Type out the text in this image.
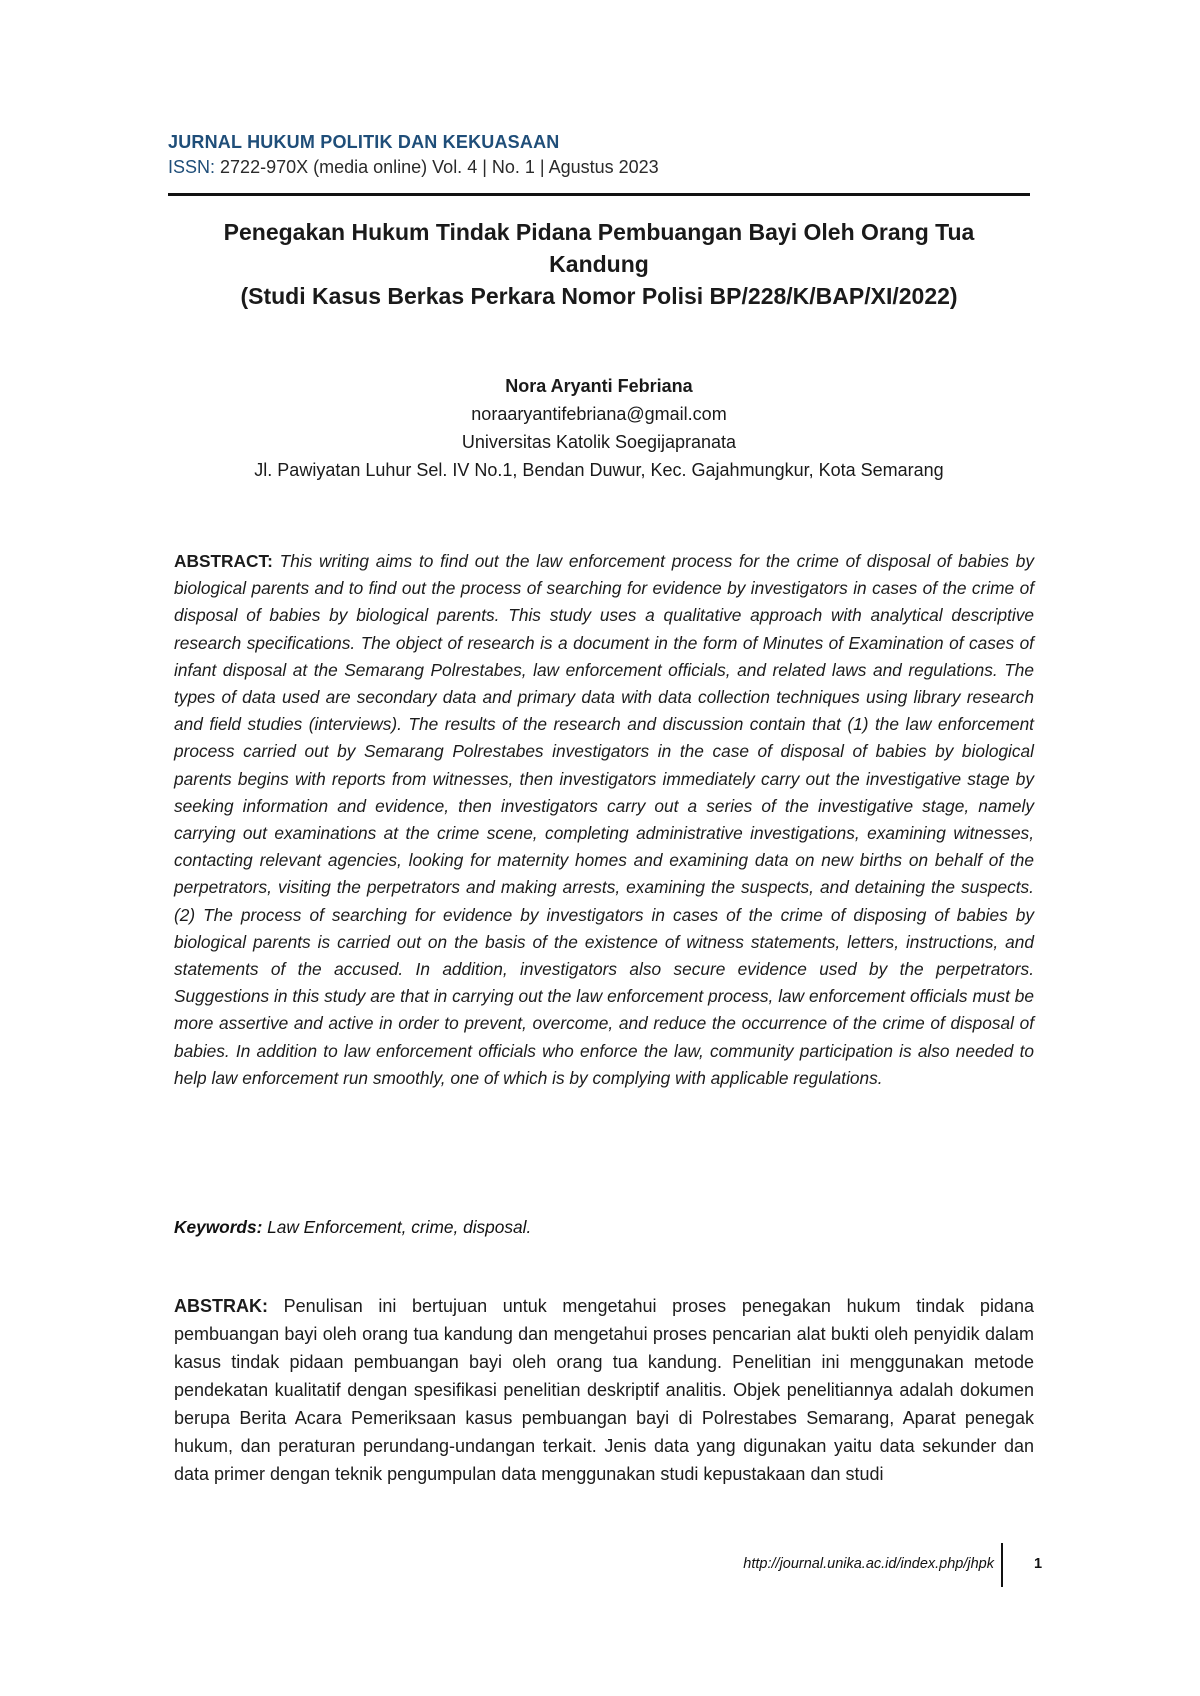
JURNAL HUKUM POLITIK DAN KEKUASAAN
ISSN: 2722-970X (media online) Vol. 4 | No. 1 | Agustus 2023
Penegakan Hukum Tindak Pidana Pembuangan Bayi Oleh Orang Tua
Kandung
(Studi Kasus Berkas Perkara Nomor Polisi BP/228/K/BAP/XI/2022)
Nora Aryanti Febriana
noraaryantifebriana@gmail.com
Universitas Katolik Soegijapranata
Jl. Pawiyatan Luhur Sel. IV No.1, Bendan Duwur, Kec. Gajahmungkur, Kota Semarang
ABSTRACT: This writing aims to find out the law enforcement process for the crime of disposal of babies by biological parents and to find out the process of searching for evidence by investigators in cases of the crime of disposal of babies by biological parents. This study uses a qualitative approach with analytical descriptive research specifications. The object of research is a document in the form of Minutes of Examination of cases of infant disposal at the Semarang Polrestabes, law enforcement officials, and related laws and regulations. The types of data used are secondary data and primary data with data collection techniques using library research and field studies (interviews). The results of the research and discussion contain that (1) the law enforcement process carried out by Semarang Polrestabes investigators in the case of disposal of babies by biological parents begins with reports from witnesses, then investigators immediately carry out the investigative stage by seeking information and evidence, then investigators carry out a series of the investigative stage, namely carrying out examinations at the crime scene, completing administrative investigations, examining witnesses, contacting relevant agencies, looking for maternity homes and examining data on new births on behalf of the perpetrators, visiting the perpetrators and making arrests, examining the suspects, and detaining the suspects. (2) The process of searching for evidence by investigators in cases of the crime of disposing of babies by biological parents is carried out on the basis of the existence of witness statements, letters, instructions, and statements of the accused. In addition, investigators also secure evidence used by the perpetrators. Suggestions in this study are that in carrying out the law enforcement process, law enforcement officials must be more assertive and active in order to prevent, overcome, and reduce the occurrence of the crime of disposal of babies. In addition to law enforcement officials who enforce the law, community participation is also needed to help law enforcement run smoothly, one of which is by complying with applicable regulations.
Keywords: Law Enforcement, crime, disposal.
ABSTRAK: Penulisan ini bertujuan untuk mengetahui proses penegakan hukum tindak pidana pembuangan bayi oleh orang tua kandung dan mengetahui proses pencarian alat bukti oleh penyidik dalam kasus tindak pidaan pembuangan bayi oleh orang tua kandung. Penelitian ini menggunakan metode pendekatan kualitatif dengan spesifikasi penelitian deskriptif analitis. Objek penelitiannya adalah dokumen berupa Berita Acara Pemeriksaan kasus pembuangan bayi di Polrestabes Semarang, Aparat penegak hukum, dan peraturan perundang-undangan terkait. Jenis data yang digunakan yaitu data sekunder dan data primer dengan teknik pengumpulan data menggunakan studi kepustakaan dan studi
http://journal.unika.ac.id/index.php/jhpk	1
